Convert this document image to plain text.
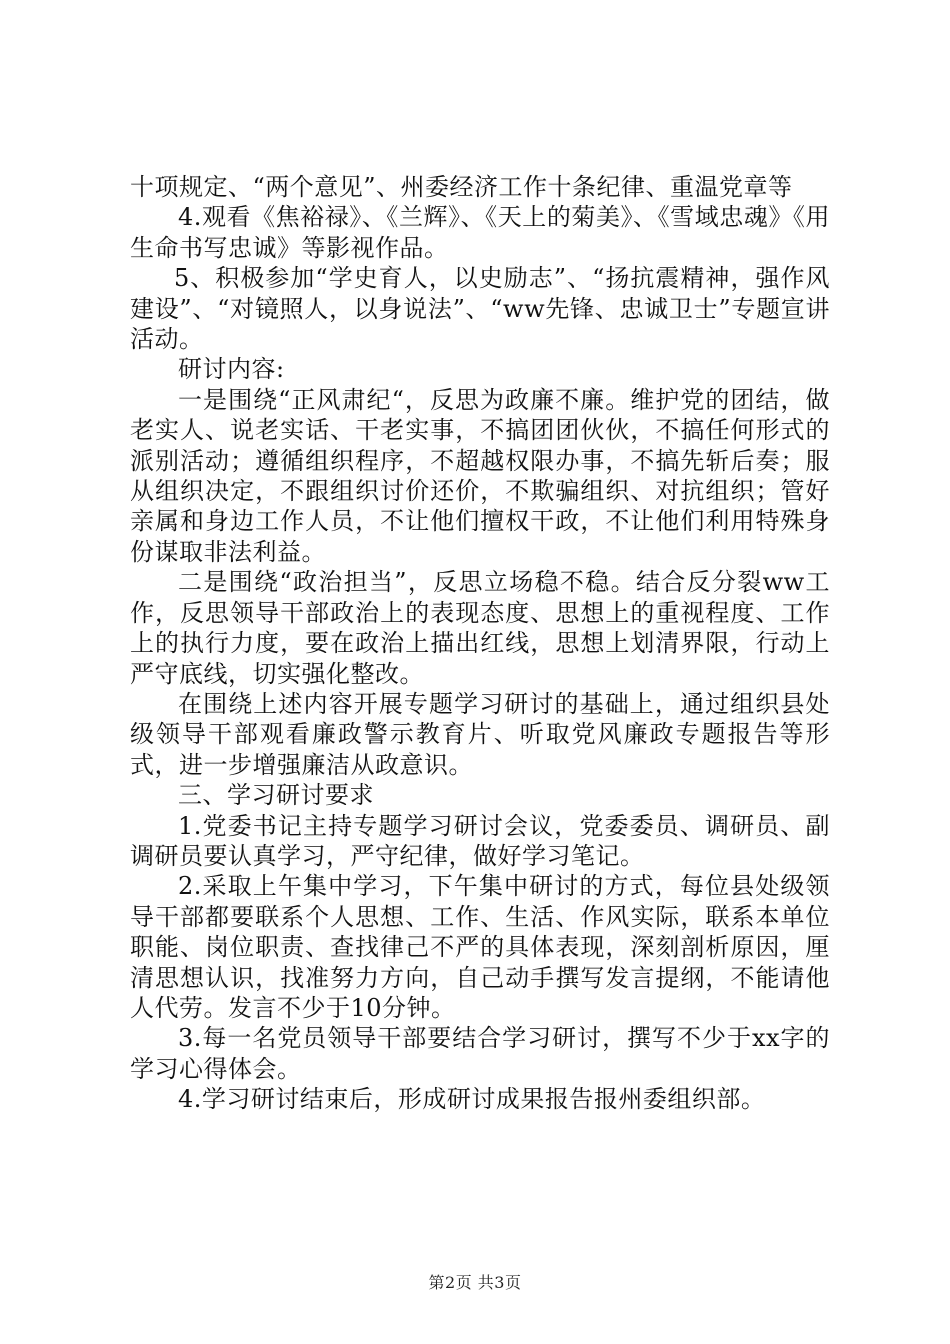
十项规定、“两个意见”、州委经济工作十条纪律、重温党章等

4.观看《焦裕禄》、《兰辉》、《天上的菊美》、《雪域忠魂》《用生命书写忠诚》等影视作品。

5、积极参加“学史育人，以史励志”、“扬抗震精神，强作风建设”、“对镜照人，以身说法”、“ww先锋、忠诚卫士”专题宣讲活动。

研讨内容:

一是围绕“正风肃纪“，反思为政廉不廉。维护党的团结，做老实人、说老实话、干老实事，不搞团团伙伙，不搞任何形式的派别活动；遵循组织程序，不超越权限办事，不搞先斩后奏；服从组织决定，不跟组织讨价还价，不欺骗组织、对抗组织；管好亲属和身边工作人员，不让他们擅权干政，不让他们利用特殊身份谋取非法利益。

二是围绕“政治担当”，反思立场稳不稳。结合反分裂ww工作，反思领导干部政治上的表现态度、思想上的重视程度、工作上的执行力度，要在政治上描出红线，思想上划清界限，行动上严守底线，切实强化整改。

在围绕上述内容开展专题学习研讨的基础上，通过组织县处级领导干部观看廉政警示教育片、听取党风廉政专题报告等形式，进一步增强廉洁从政意识。

三、学习研讨要求

1.党委书记主持专题学习研讨会议，党委委员、调研员、副调研员要认真学习，严守纪律，做好学习笔记。

2.采取上午集中学习，下午集中研讨的方式，每位县处级领导干部都要联系个人思想、工作、生活、作风实际，联系本单位职能、岗位职责、查找律己不严的具体表现，深刻剖析原因，厘清思想认识，找准努力方向，自己动手撰写发言提纲，不能请他人代劳。发言不少于10分钟。

3.每一名党员领导干部要结合学习研讨，撰写不少于xx字的学习心得体会。

4.学习研讨结束后，形成研讨成果报告报州委组织部。

第2页 共3页
